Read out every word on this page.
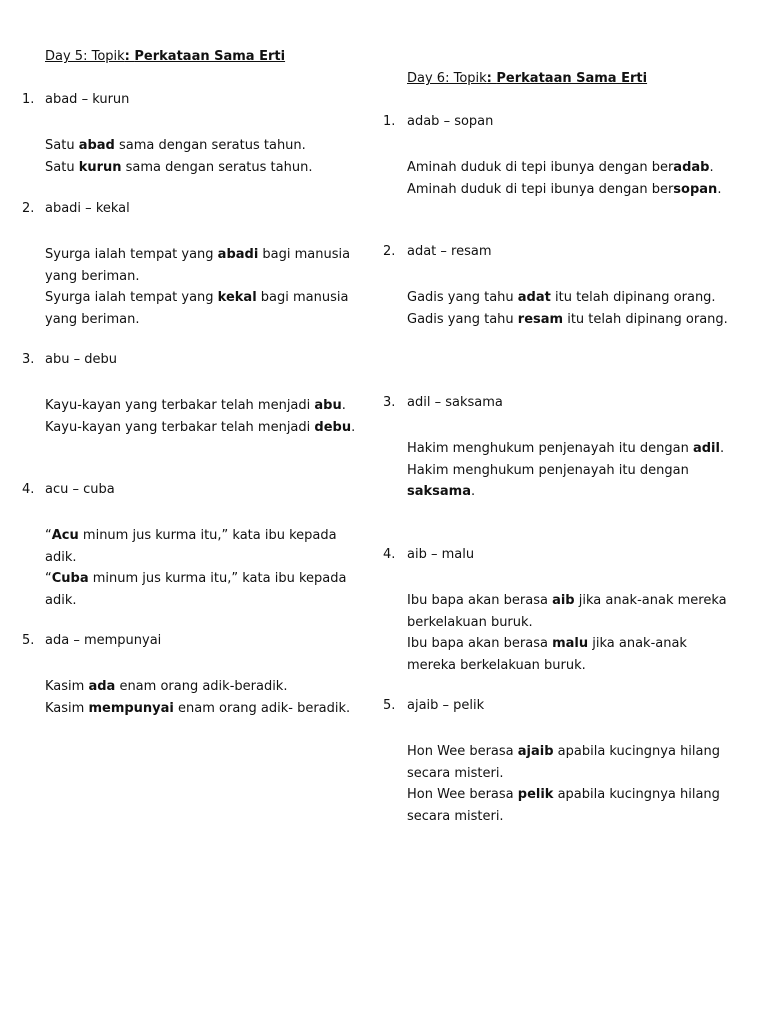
Day 5: Topik: Perkataan Sama Erti
1. abad – kurun

Satu abad sama dengan seratus tahun.

Satu kurun sama dengan seratus tahun.

2. abadi – kekal

Syurga ialah tempat yang abadi bagi manusia yang beriman.

Syurga ialah tempat yang kekal bagi manusia yang beriman.

3. abu – debu

Kayu-kayan yang terbakar telah menjadi abu.

Kayu-kayan yang terbakar telah menjadi debu.

4. acu – cuba

“Acu minum jus kurma itu,” kata ibu kepada adik.

“Cuba minum jus kurma itu,” kata ibu kepada adik.

5. ada – mempunyai

Kasim ada enam orang adik-beradik.

Kasim mempunyai enam orang adik- beradik.

Day 6: Topik: Perkataan Sama Erti
1. adab – sopan

Aminah duduk di tepi ibunya dengan beradab.

Aminah duduk di tepi ibunya dengan bersopan.

2. adat – resam

Gadis yang tahu adat itu telah dipinang orang.

Gadis yang tahu resam itu telah dipinang orang.

3. adil – saksama

Hakim menghukum penjenayah itu dengan adil.

Hakim menghukum penjenayah itu dengan saksama.

4. aib – malu

Ibu bapa akan berasa aib jika anak-anak mereka berkelakuan buruk.

Ibu bapa akan berasa malu jika anak-anak mereka berkelakuan buruk.

5. ajaib – pelik

Hon Wee berasa ajaib apabila kucingnya hilang secara misteri.

Hon Wee berasa pelik apabila kucingnya hilang secara misteri.
